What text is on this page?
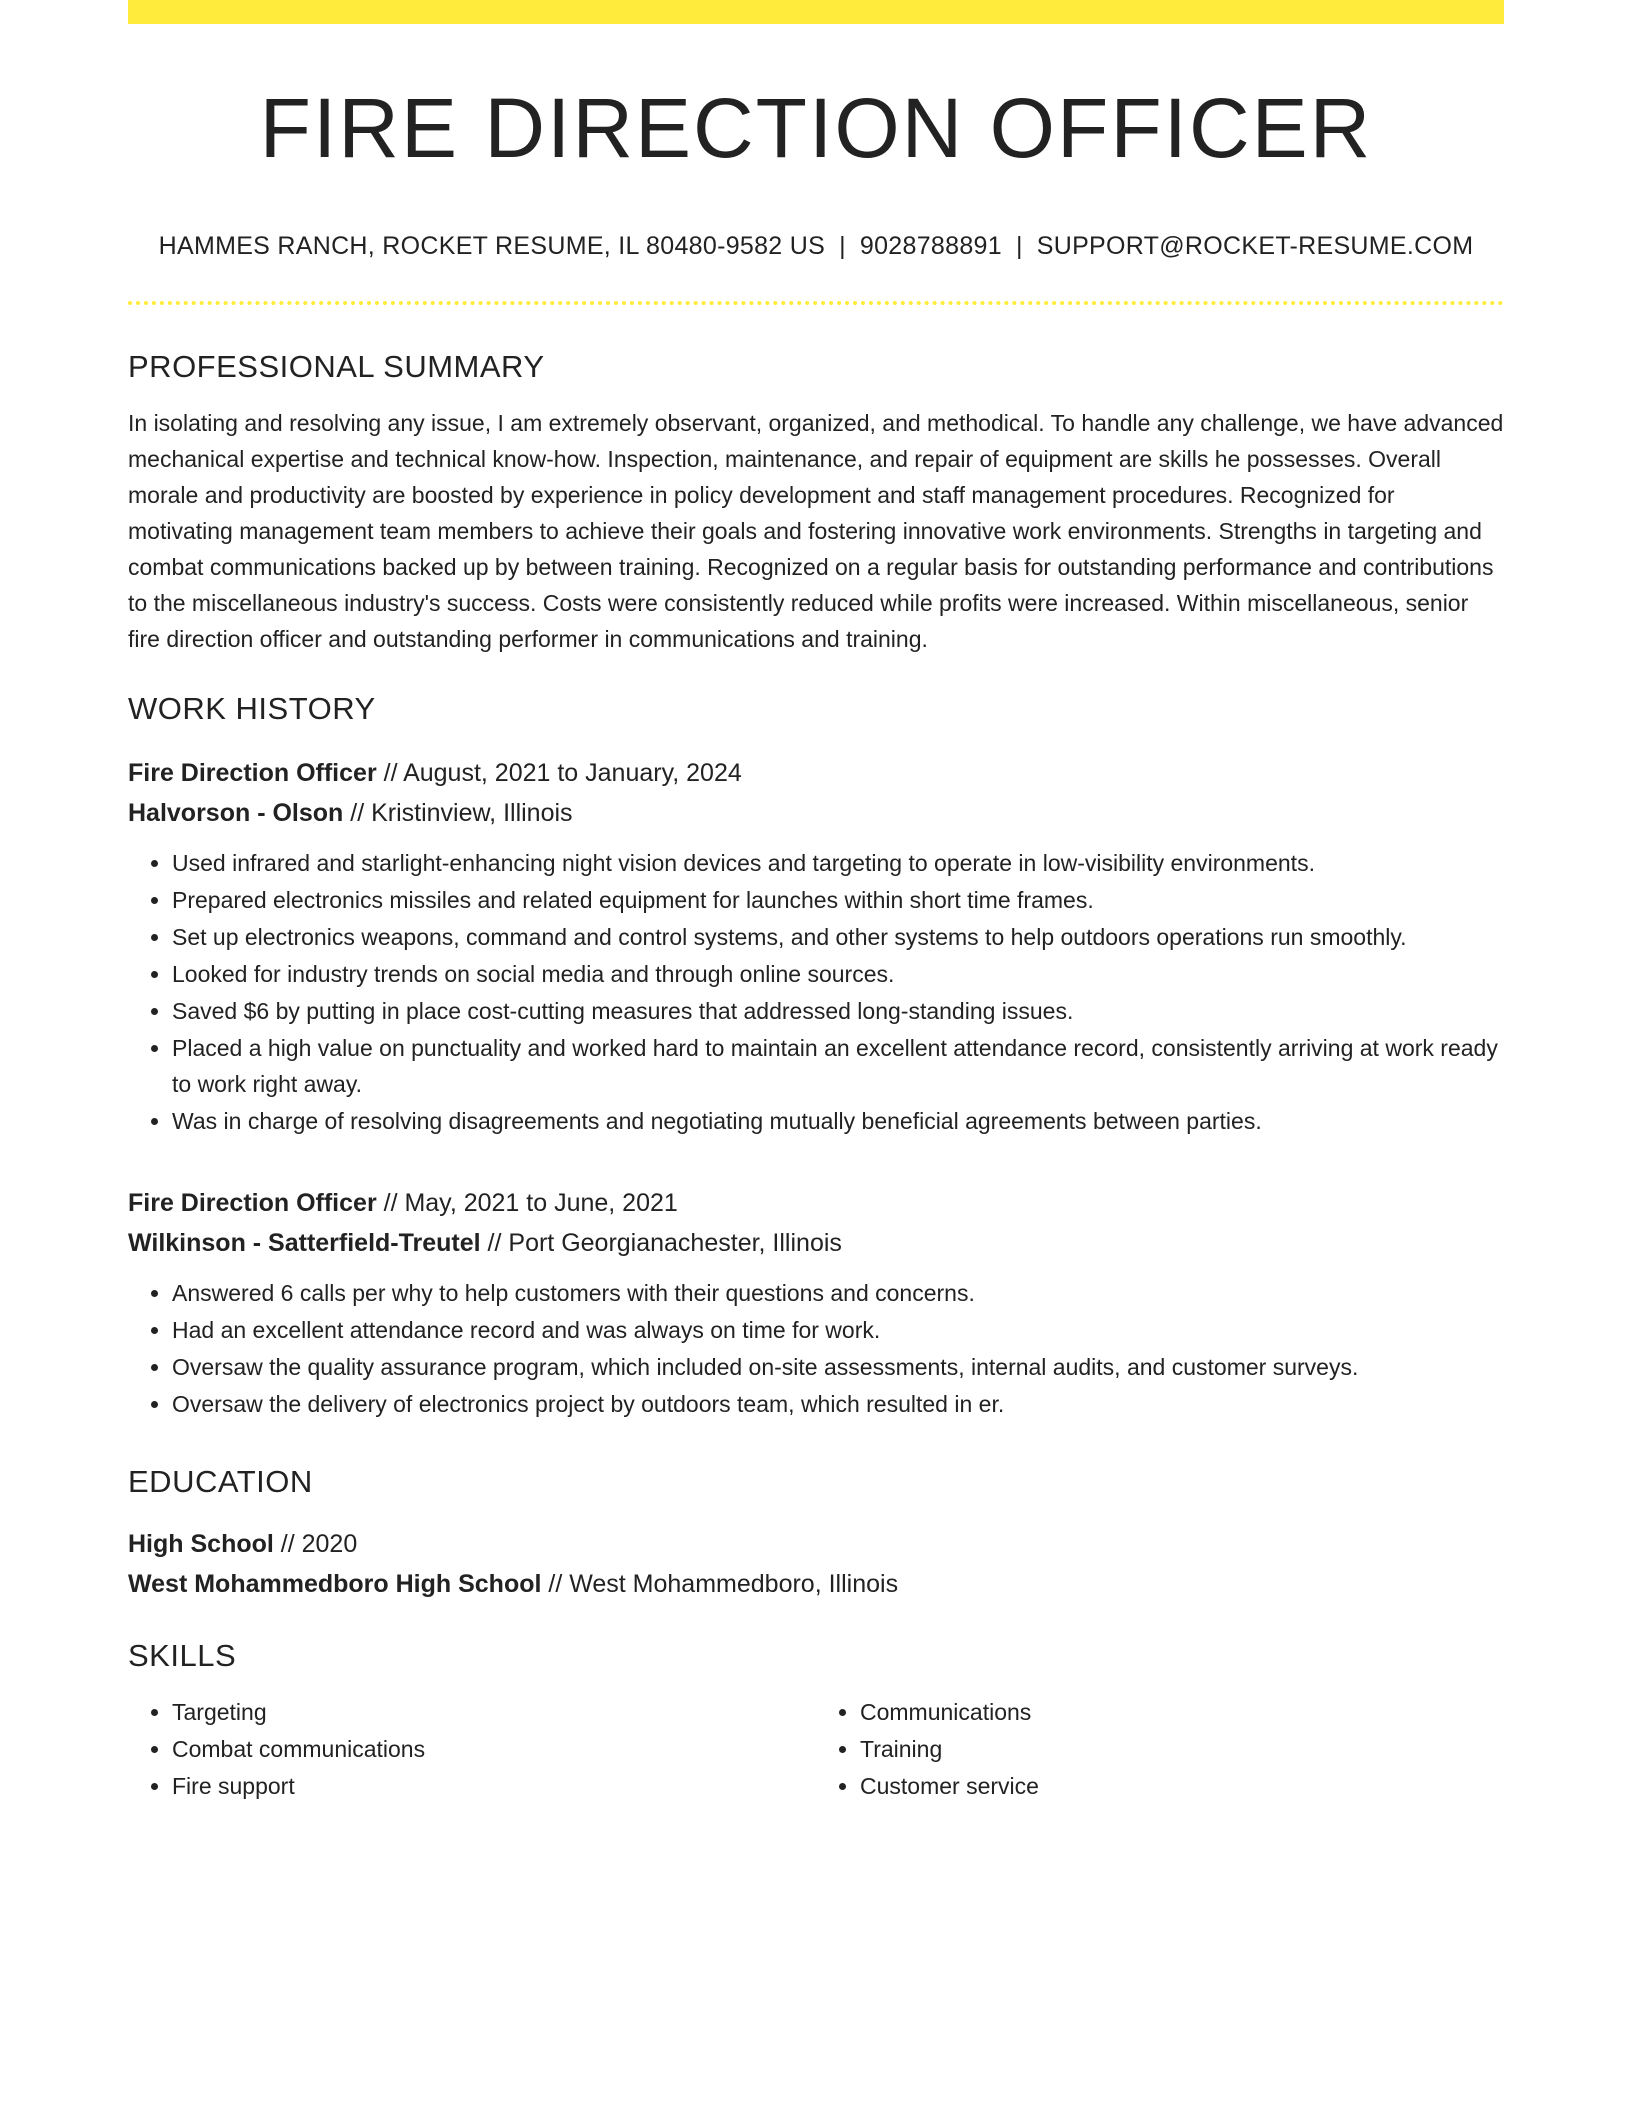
FIRE DIRECTION OFFICER
HAMMES RANCH, ROCKET RESUME, IL 80480-9582 US | 9028788891 | SUPPORT@ROCKET-RESUME.COM
PROFESSIONAL SUMMARY

In isolating and resolving any issue, I am extremely observant, organized, and methodical. To handle any challenge, we have advanced mechanical expertise and technical know-how. Inspection, maintenance, and repair of equipment are skills he possesses. Overall morale and productivity are boosted by experience in policy development and staff management procedures. Recognized for motivating management team members to achieve their goals and fostering innovative work environments. Strengths in targeting and combat communications backed up by between training. Recognized on a regular basis for outstanding performance and contributions to the miscellaneous industry's success. Costs were consistently reduced while profits were increased. Within miscellaneous, senior fire direction officer and outstanding performer in communications and training.

WORK HISTORY
Fire Direction Officer // August, 2021 to January, 2024
Halvorson - Olson // Kristinview, Illinois
• Used infrared and starlight-enhancing night vision devices and targeting to operate in low-visibility environments.
• Prepared electronics missiles and related equipment for launches within short time frames.
• Set up electronics weapons, command and control systems, and other systems to help outdoors operations run smoothly.
• Looked for industry trends on social media and through online sources.
• Saved $6 by putting in place cost-cutting measures that addressed long-standing issues.
• Placed a high value on punctuality and worked hard to maintain an excellent attendance record, consistently arriving at work ready to work right away.
• Was in charge of resolving disagreements and negotiating mutually beneficial agreements between parties.
Fire Direction Officer // May, 2021 to June, 2021
Wilkinson - Satterfield-Treutel // Port Georgianachester, Illinois
• Answered 6 calls per why to help customers with their questions and concerns.
• Had an excellent attendance record and was always on time for work.
• Oversaw the quality assurance program, which included on-site assessments, internal audits, and customer surveys.
• Oversaw the delivery of electronics project by outdoors team, which resulted in er.
EDUCATION
High School // 2020
West Mohammedboro High School // West Mohammedboro, Illinois
SKILLS
• Targeting
• Combat communications
• Fire support
• Communications
• Training
• Customer service
